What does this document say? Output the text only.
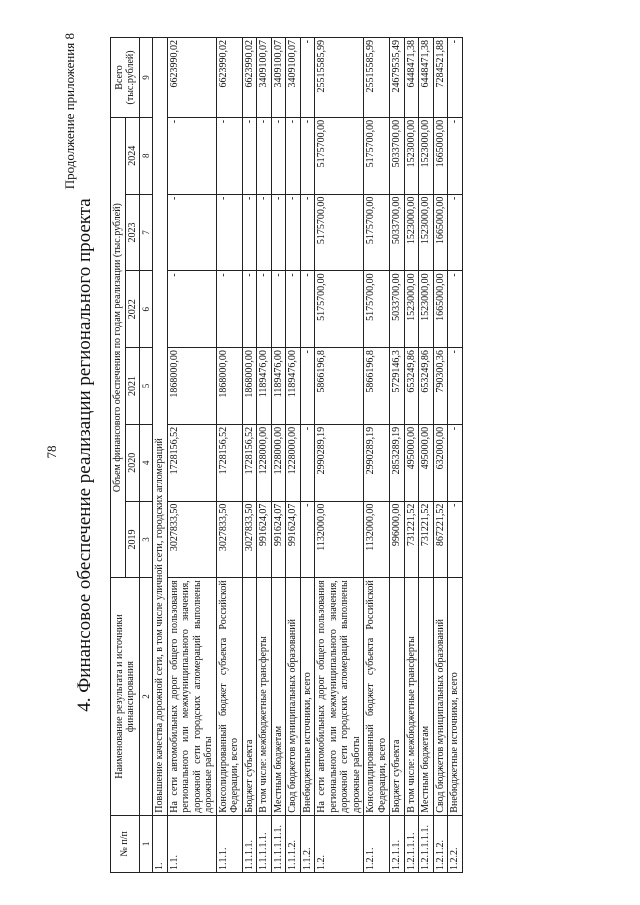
78
Продолжение приложения 8
4. Финансовое обеспечение реализации регионального проекта
№ п/п	Наименование результата и источники финансирования	Объем финансового обеспечения по годам реализации (тыс.рублей)						Всего (тыс.рублей)
		2019	2020	2021	2022	2023	2024	
1	2	3	4	5	6	7	8	9
1.	Повышение качества дорожной сети, в том числе уличной сети, городских агломераций							
1.1.	На сети автомобильных дорог общего пользования регионального или межмуниципального значения, дорожной сети городских агломераций выполнены дорожные работы	3027833,50	1728156,52	1868000,00	-	-	-	6623990,02
1.1.1.	Консолидированный бюджет субъекта Российской Федерации, всего	3027833,50	1728156,52	1868000,00	-	-	-	6623990,02
1.1.1.1.	Бюджет субъекта	3027833,50	1728156,52	1868000,00	-	-	-	6623990,02
1.1.1.1.1.	В том числе: межбюджетные трансферты	991624,07	1228000,00	1189476,00	-	-	-	3409100,07
1.1.1.1.1.1.	Местным бюджетам	991624,07	1228000,00	1189476,00	-	-	-	3409100,07
1.1.1.2.	Свод бюджетов муниципальных образований	991624,07	1228000,00	1189476,00	-	-	-	3409100,07
1.1.2.	Внебюджетные источники, всего	-	-	-	-	-	-	-
1.2.	На сети автомобильных дорог общего пользования регионального или межмуниципального значения, дорожной сети городских агломераций выполнены дорожные работы	1132000,00	2990289,19	5866196,8	5175700,00	5175700,00	5175700,00	25515585,99
1.2.1.	Консолидированный бюджет субъекта Российской Федерации, всего	1132000,00	2990289,19	5866196,8	5175700,00	5175700,00	5175700,00	25515585,99
1.2.1.1.	Бюджет субъекта	996000,00	2853289,19	5729146,3	5033700,00	5033700,00	5033700,00	24679535,49
1.2.1.1.1.	В том числе: межбюджетные трансферты	731221,52	495000,00	653249,86	1523000,00	1523000,00	1523000,00	6448471,38
1.2.1.1.1.1.	Местным бюджетам	731221,52	495000,00	653249,86	1523000,00	1523000,00	1523000,00	6448471,38
1.2.1.2.	Свод бюджетов муниципальных образований	867221,52	632000,00	790300,36	1665000,00	1665000,00	1665000,00	7284521,88
1.2.2.	Внебюджетные источники, всего	-	-	-	-	-	-	-
